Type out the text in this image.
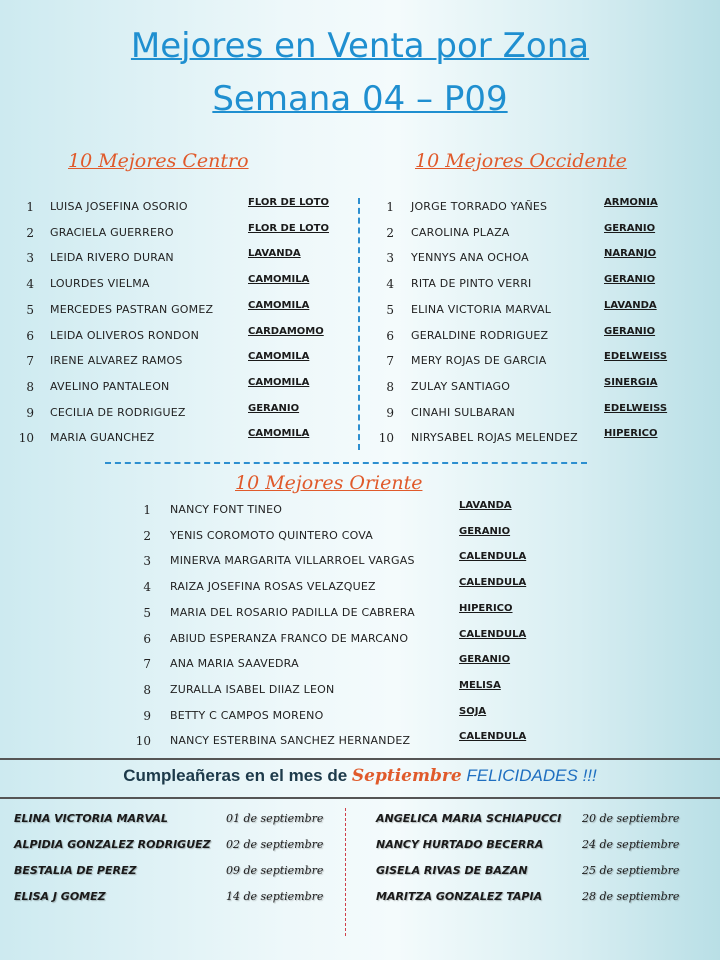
Mejores en Venta por Zona
Semana 04 – P09
10 Mejores Centro	10 Mejores Occidente
1 LUISA JOSEFINA OSORIO	FLOR DE LOTO
2 GRACIELA GUERRERO	FLOR DE LOTO
3 LEIDA RIVERO DURAN	LAVANDA
4 LOURDES VIELMA	CAMOMILA
5 MERCEDES PASTRAN GOMEZ	CAMOMILA
6 LEIDA OLIVEROS RONDON	CARDAMOMO
7 IRENE ALVAREZ RAMOS	CAMOMILA
8 AVELINO PANTALEON	CAMOMILA
9 CECILIA DE RODRIGUEZ	GERANIO
10 MARIA GUANCHEZ	CAMOMILA
1 JORGE TORRADO YAÑES	ARMONIA
2 CAROLINA PLAZA	GERANIO
3 YENNYS ANA OCHOA	NARANJO
4 RITA DE PINTO VERRI	GERANIO
5 ELINA VICTORIA MARVAL	LAVANDA
6 GERALDINE RODRIGUEZ	GERANIO
7 MERY ROJAS DE GARCIA	EDELWEISS
8 ZULAY SANTIAGO	SINERGIA
9 CINAHI SULBARAN	EDELWEISS
10 NIRYSABEL ROJAS MELENDEZ	HIPERICO
10 Mejores Oriente
1 NANCY FONT TINEO	LAVANDA
2 YENIS COROMOTO QUINTERO COVA	GERANIO
3 MINERVA MARGARITA VILLARROEL VARGAS	CALENDULA
4 RAIZA JOSEFINA ROSAS VELAZQUEZ	CALENDULA
5 MARIA DEL ROSARIO PADILLA DE CABRERA	HIPERICO
6 ABIUD ESPERANZA FRANCO DE MARCANO	CALENDULA
7 ANA MARIA SAAVEDRA	GERANIO
8 ZURALLA ISABEL DIIAZ LEON	MELISA
9 BETTY C CAMPOS MORENO	SOJA
10 NANCY ESTERBINA SANCHEZ HERNANDEZ	CALENDULA
Cumpleañeras en el mes de Septiembre FELICIDADES !!!
ELINA VICTORIA MARVAL	01 de septiembre
ALPIDIA GONZALEZ RODRIGUEZ 02 de septiembre
BESTALIA DE PEREZ	09 de septiembre
ELISA J GOMEZ	14 de septiembre
ANGELICA MARIA SCHIAPUCCI 20 de septiembre
NANCY HURTADO BECERRA	24 de septiembre
GISELA RIVAS DE BAZAN	25 de septiembre
MARITZA GONZALEZ TAPIA	28 de septiembre
